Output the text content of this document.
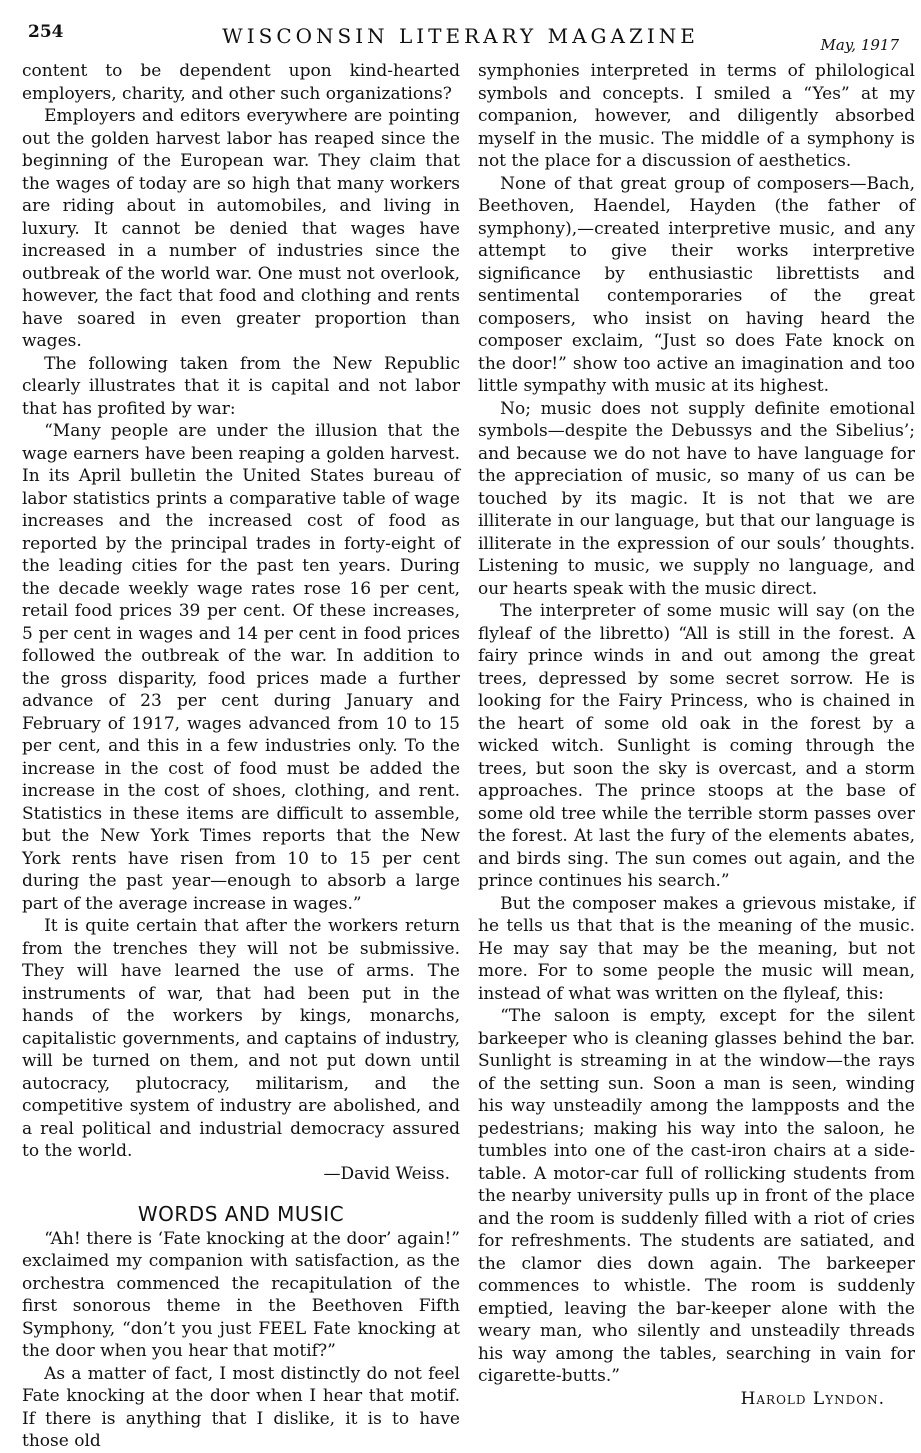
254	WISCONSIN LITERARY MAGAZINE	May, 1917

content to be dependent upon kind-hearted employers, charity, and other such organizations?

Employers and editors everywhere are pointing out the golden harvest labor has reaped since the beginning of the European war. They claim that the wages of today are so high that many workers are riding about in automobiles, and living in luxury. It cannot be denied that wages have increased in a number of industries since the outbreak of the world war. One must not overlook, however, the fact that food and clothing and rents have soared in even greater proportion than wages.

The following taken from the New Republic clearly illustrates that it is capital and not labor that has profited by war:

“Many people are under the illusion that the wage earners have been reaping a golden harvest. In its April bulletin the United States bureau of labor statistics prints a comparative table of wage increases and the increased cost of food as reported by the principal trades in forty-eight of the leading cities for the past ten years. During the decade weekly wage rates rose 16 per cent, retail food prices 39 per cent. Of these increases, 5 per cent in wages and 14 per cent in food prices followed the outbreak of the war. In addition to the gross disparity, food prices made a further advance of 23 per cent during January and February of 1917, wages advanced from 10 to 15 per cent, and this in a few industries only. To the increase in the cost of food must be added the increase in the cost of shoes, clothing, and rent. Statistics in these items are difficult to assemble, but the New York Times reports that the New York rents have risen from 10 to 15 per cent during the past year—enough to absorb a large part of the average increase in wages.”

It is quite certain that after the workers return from the trenches they will not be submissive. They will have learned the use of arms. The instruments of war, that had been put in the hands of the workers by kings, monarchs, capitalistic governments, and captains of industry, will be turned on them, and not put down until autocracy, plutocracy, militarism, and the competitive system of industry are abolished, and a real political and industrial democracy assured to the world.

—David Weiss.

WORDS AND MUSIC

“Ah! there is ‘Fate knocking at the door’ again!” exclaimed my companion with satisfaction, as the orchestra commenced the recapitulation of the first sonorous theme in the Beethoven Fifth Symphony, “don’t you just FEEL Fate knocking at the door when you hear that motif?”

As a matter of fact, I most distinctly do not feel Fate knocking at the door when I hear that motif. If there is anything that I dislike, it is to have those old

symphonies interpreted in terms of philological symbols and concepts. I smiled a “Yes” at my companion, however, and diligently absorbed myself in the music. The middle of a symphony is not the place for a discussion of aesthetics.

None of that great group of composers—Bach, Beethoven, Haendel, Hayden (the father of symphony),—created interpretive music, and any attempt to give their works interpretive significance by enthusiastic librettists and sentimental contemporaries of the great composers, who insist on having heard the composer exclaim, “Just so does Fate knock on the door!” show too active an imagination and too little sympathy with music at its highest.

No; music does not supply definite emotional symbols—despite the Debussys and the Sibelius’; and because we do not have to have language for the appreciation of music, so many of us can be touched by its magic. It is not that we are illiterate in our language, but that our language is illiterate in the expression of our souls’ thoughts. Listening to music, we supply no language, and our hearts speak with the music direct.

The interpreter of some music will say (on the flyleaf of the libretto) “All is still in the forest. A fairy prince winds in and out among the great trees, depressed by some secret sorrow. He is looking for the Fairy Princess, who is chained in the heart of some old oak in the forest by a wicked witch. Sunlight is coming through the trees, but soon the sky is overcast, and a storm approaches. The prince stoops at the base of some old tree while the terrible storm passes over the forest. At last the fury of the elements abates, and birds sing. The sun comes out again, and the prince continues his search.”

But the composer makes a grievous mistake, if he tells us that that is the meaning of the music. He may say that may be the meaning, but not more. For to some people the music will mean, instead of what was written on the flyleaf, this:

“The saloon is empty, except for the silent barkeeper who is cleaning glasses behind the bar. Sunlight is streaming in at the window—the rays of the setting sun. Soon a man is seen, winding his way unsteadily among the lampposts and the pedestrians; making his way into the saloon, he tumbles into one of the cast-iron chairs at a side-table. A motor-car full of rollicking students from the nearby university pulls up in front of the place and the room is suddenly filled with a riot of cries for refreshments. The students are satiated, and the clamor dies down again. The barkeeper commences to whistle. The room is suddenly emptied, leaving the bar-keeper alone with the weary man, who silently and unsteadily threads his way among the tables, searching in vain for cigarette-butts.”

Harold Lyndon.
